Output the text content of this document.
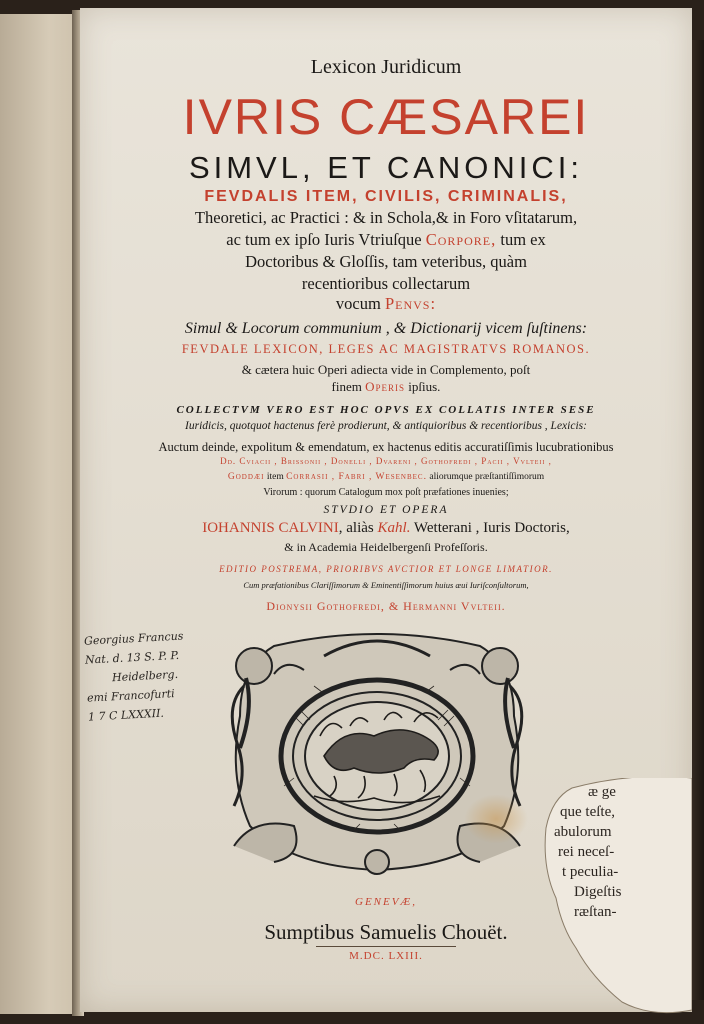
Lexicon Juridicum
IVRIS CÆSAREI
SIMVL, ET CANONICI:
FEVDALIS ITEM, CIVILIS, CRIMINALIS,
Theoretici, ac Practici : & in Schola,& in Foro vſitatarum,
ac tum ex ipſo Iuris Vtriuſque Corpore, tum ex
Doctoribus & Gloſſis, tam veteribus, quàm
recentioribus collectarum
vocum Penvs:
Simul & Locorum communium , & Dictionarij vicem ſuſtinens:
FEVDALE LEXICON, LEGES AC MAGISTRATVS ROMANOS.
& cætera huic Operi adiecta vide in Complemento, poſt
finem Operis ipſius.
COLLECTVM VERO EST HOC OPVS EX COLLATIS INTER SESE
Iuridicis, quotquot hactenus ferè prodierunt, & antiquioribus & recentioribus , Lexicis:
Auctum deinde, expolitum & emendatum, ex hactenus editis accuratiſſimis lucubrationibus
Dd. Cviacii , Brissonii , Donelli , Dvareni , Gothofredi , Pacii , Vvlteii ,
Goddæi item Corrasii , Fabri , Wesenbec. aliorumque præſtantiſſimorum
Virorum : quorum Catalogum mox poſt præfationes inuenies;
STVDIO ET OPERA
IOHANNIS CALVINI, aliàs Kahl. Wetterani , Iuris Doctoris,
& in Academia Heidelbergenſi Profeſſoris.
EDITIO POSTREMA, PRIORIBVS AVCTIOR ET LONGE LIMATIOR.
Cum præfationibus Clariſſimorum & Eminentiſſimorum huius æui Iuriſconſultorum,
Dionysii Gothofredi, & Hermanni Vvlteii.
Georgius Francus
Nat. d. 13 S. P. P.
Heidelberg.
emi Francofurti
1 7 C LXXXII.
æ ge
que teſte,
abulorum
rei neceſ-
t peculia-
Digeſtis
ræſtan-
GENEVÆ,
Sumptibus Samuelis Chouët.
M.DC. LXIII.
